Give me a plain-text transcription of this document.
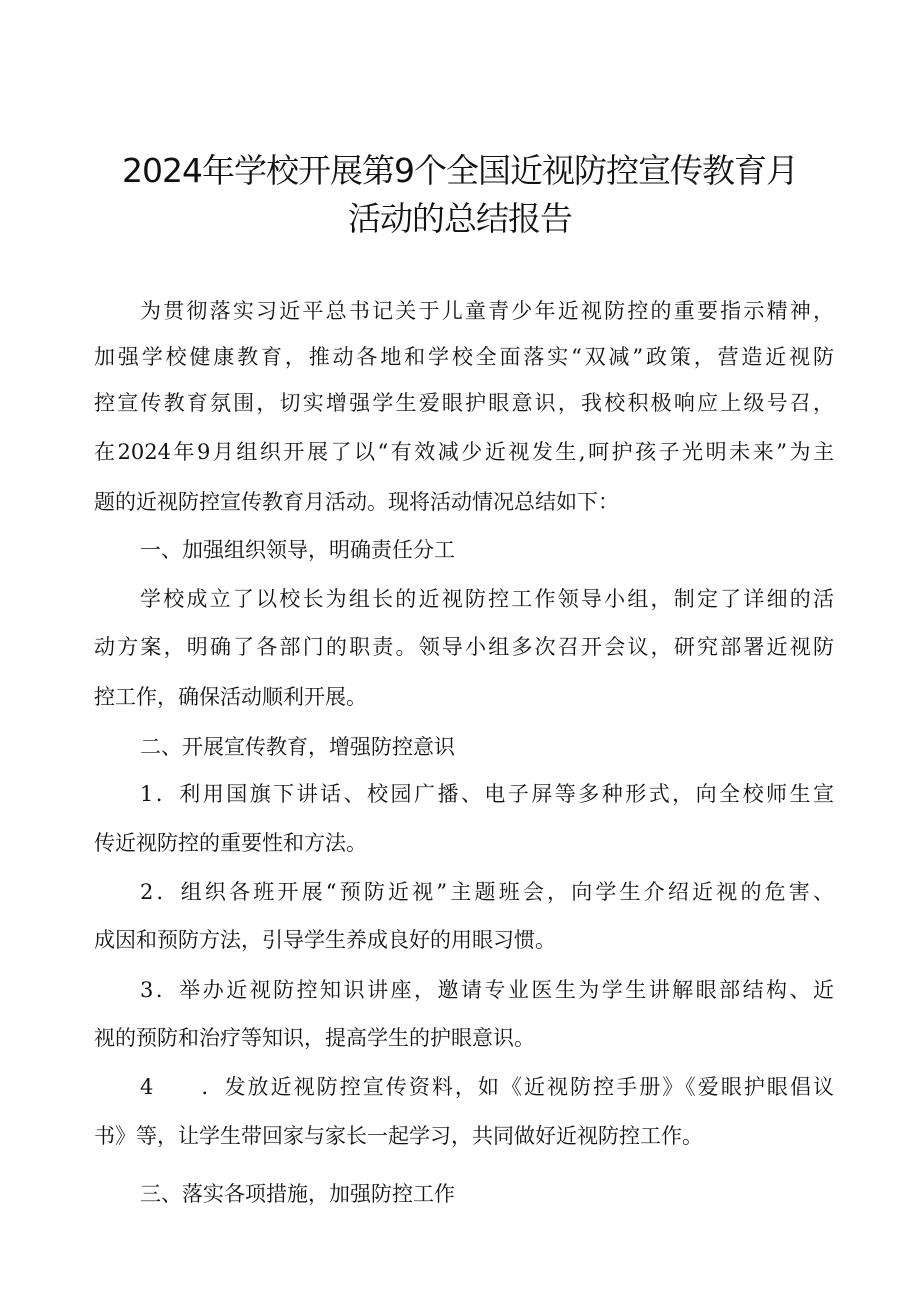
2024年学校开展第9个全国近视防控宣传教育月
活动的总结报告
为贯彻落实习近平总书记关于儿童青少年近视防控的重要指示精神，
加强学校健康教育，推动各地和学校全面落实“双减”政策，营造近视防
控宣传教育氛围，切实增强学生爱眼护眼意识，我校积极响应上级号召，
在2024年9月组织开展了以“有效减少近视发生,呵护孩子光明未来”为主
题的近视防控宣传教育月活动。现将活动情况总结如下：
一、加强组织领导，明确责任分工
学校成立了以校长为组长的近视防控工作领导小组，制定了详细的活
动方案，明确了各部门的职责。领导小组多次召开会议，研究部署近视防
控工作，确保活动顺利开展。
二、开展宣传教育，增强防控意识
1．利用国旗下讲话、校园广播、电子屏等多种形式，向全校师生宣
传近视防控的重要性和方法。
2．组织各班开展“预防近视”主题班会，向学生介绍近视的危害、
成因和预防方法，引导学生养成良好的用眼习惯。
3．举办近视防控知识讲座，邀请专业医生为学生讲解眼部结构、近
视的预防和治疗等知识，提高学生的护眼意识。
4　　．发放近视防控宣传资料，如《近视防控手册》《爱眼护眼倡议
书》等，让学生带回家与家长一起学习，共同做好近视防控工作。
三、落实各项措施，加强防控工作
